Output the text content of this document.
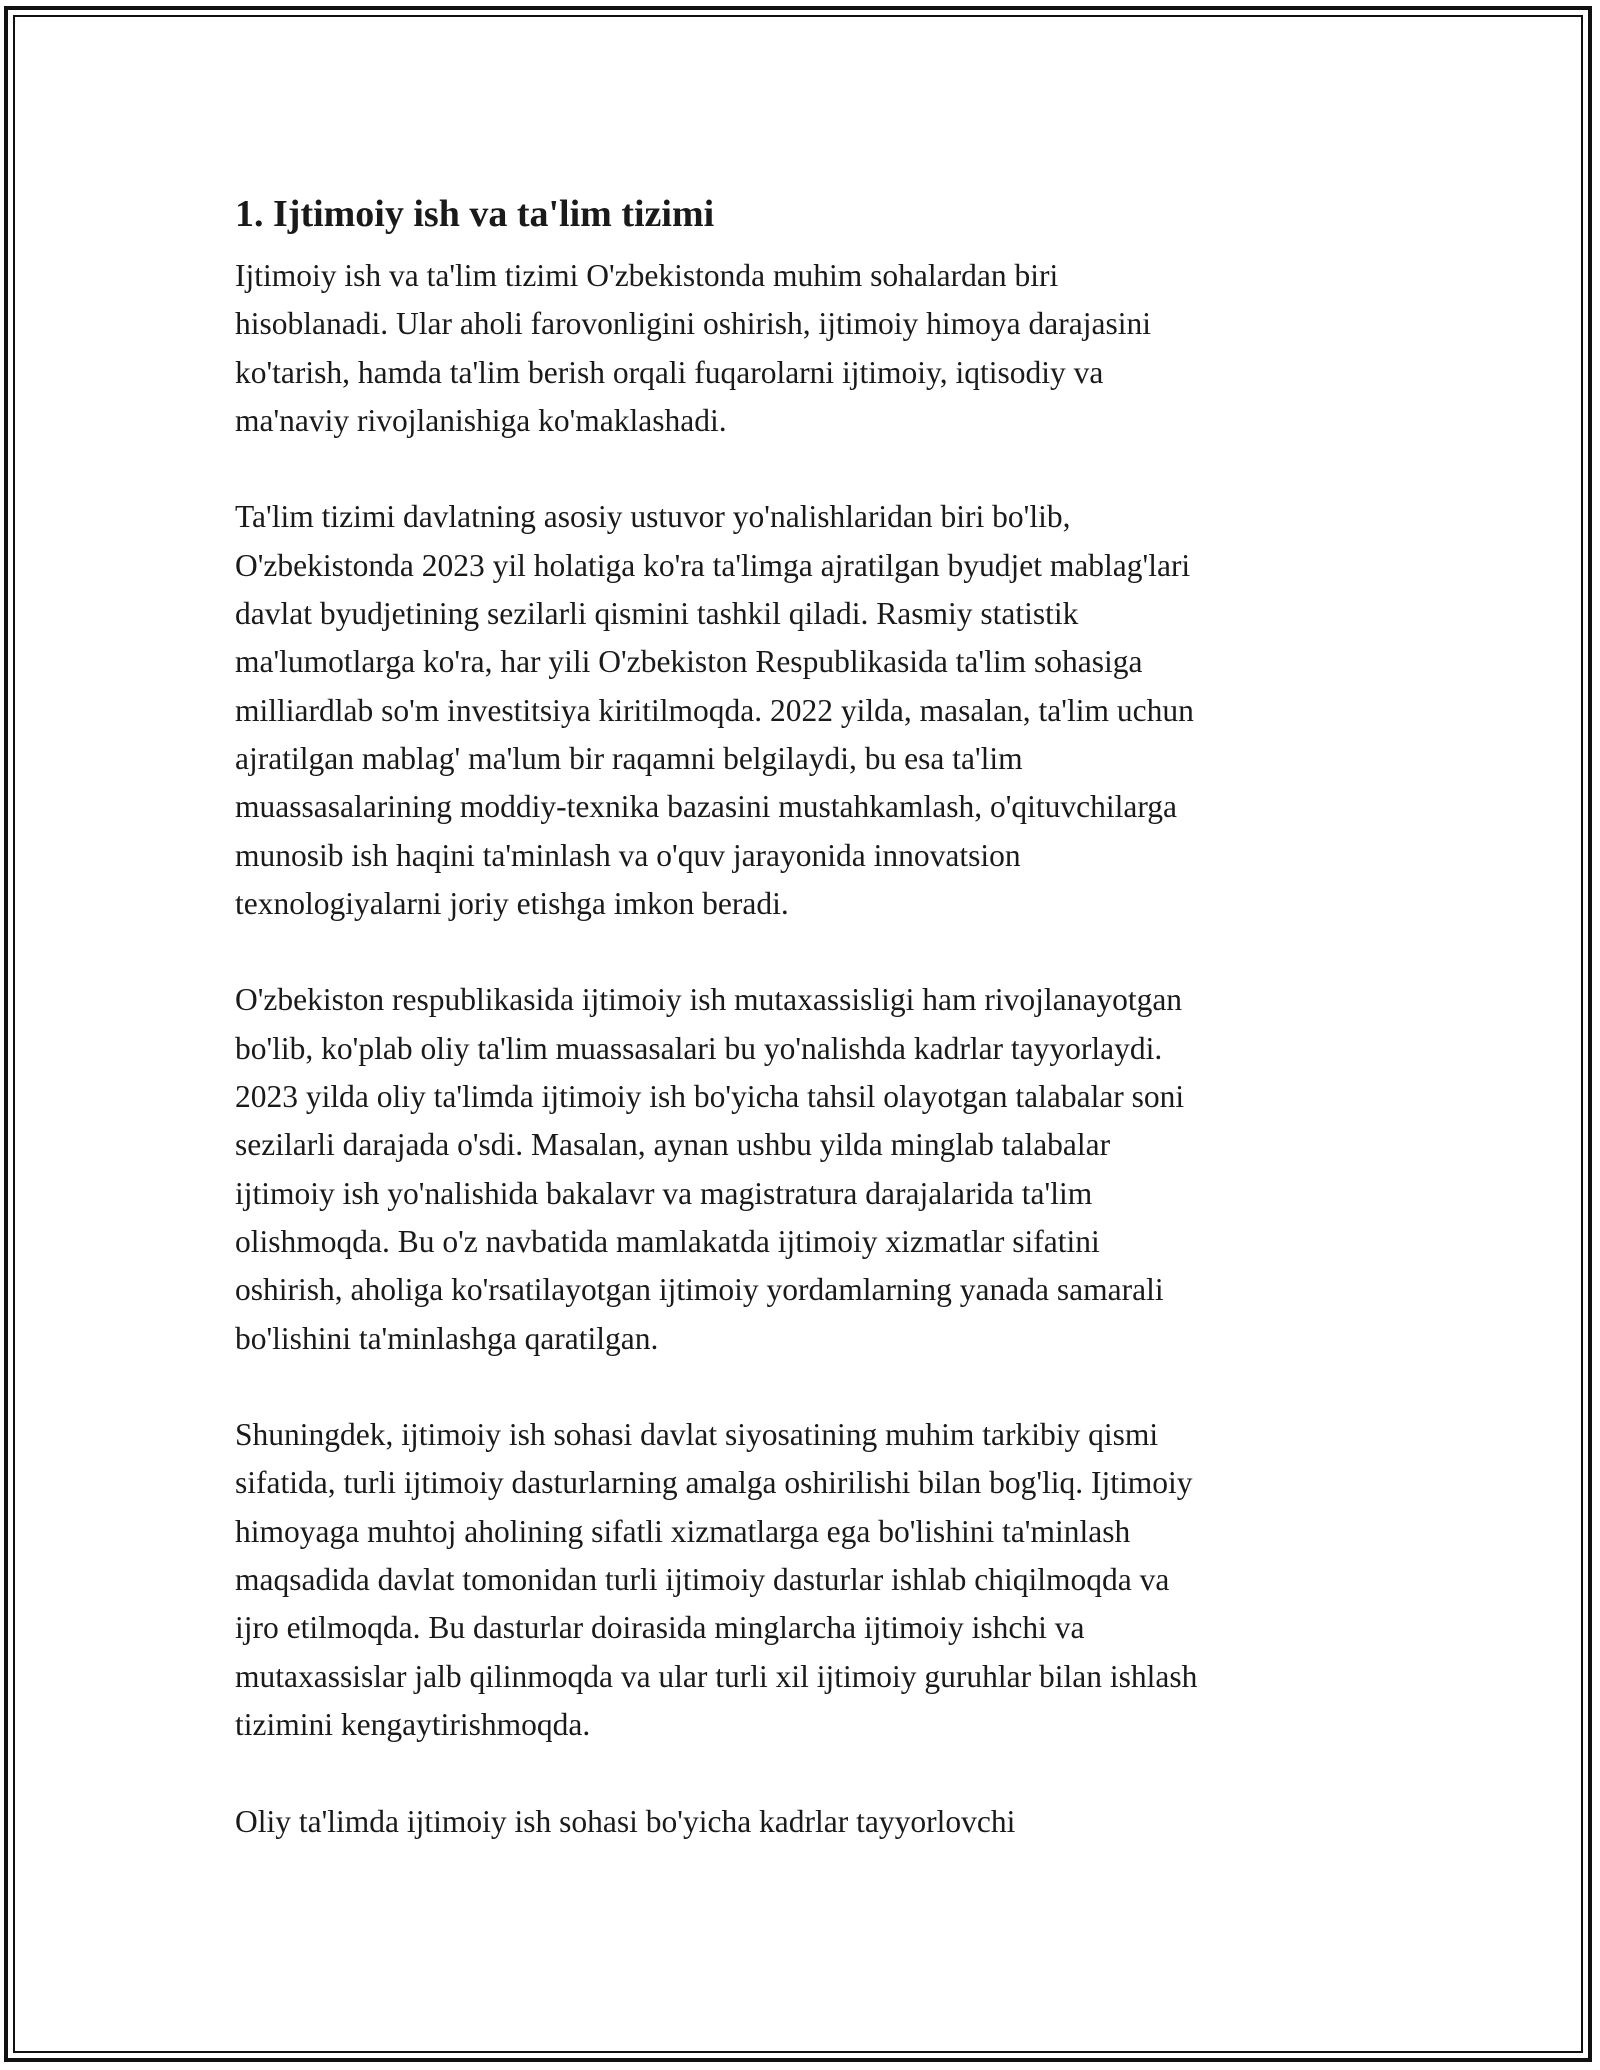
1. Ijtimoiy ish va ta'lim tizimi

Ijtimoiy ish va ta'lim tizimi O'zbekistonda muhim sohalardan biri
hisoblanadi. Ular aholi farovonligini oshirish, ijtimoiy himoya darajasini
ko'tarish, hamda ta'lim berish orqali fuqarolarni ijtimoiy, iqtisodiy va
ma'naviy rivojlanishiga ko'maklashadi.

Ta'lim tizimi davlatning asosiy ustuvor yo'nalishlaridan biri bo'lib,
O'zbekistonda 2023 yil holatiga ko'ra ta'limga ajratilgan byudjet mablag'lari
davlat byudjetining sezilarli qismini tashkil qiladi. Rasmiy statistik
ma'lumotlarga ko'ra, har yili O'zbekiston Respublikasida ta'lim sohasiga
milliardlab so'm investitsiya kiritilmoqda. 2022 yilda, masalan, ta'lim uchun
ajratilgan mablag' ma'lum bir raqamni belgilaydi, bu esa ta'lim
muassasalarining moddiy-texnika bazasini mustahkamlash, o'qituvchilarga
munosib ish haqini ta'minlash va o'quv jarayonida innovatsion
texnologiyalarni joriy etishga imkon beradi.

O'zbekiston respublikasida ijtimoiy ish mutaxassisligi ham rivojlanayotgan
bo'lib, ko'plab oliy ta'lim muassasalari bu yo'nalishda kadrlar tayyorlaydi.
2023 yilda oliy ta'limda ijtimoiy ish bo'yicha tahsil olayotgan talabalar soni
sezilarli darajada o'sdi. Masalan, aynan ushbu yilda minglab talabalar
ijtimoiy ish yo'nalishida bakalavr va magistratura darajalarida ta'lim
olishmoqda. Bu o'z navbatida mamlakatda ijtimoiy xizmatlar sifatini
oshirish, aholiga ko'rsatilayotgan ijtimoiy yordamlarning yanada samarali
bo'lishini ta'minlashga qaratilgan.

Shuningdek, ijtimoiy ish sohasi davlat siyosatining muhim tarkibiy qismi
sifatida, turli ijtimoiy dasturlarning amalga oshirilishi bilan bog'liq. Ijtimoiy
himoyaga muhtoj aholining sifatli xizmatlarga ega bo'lishini ta'minlash
maqsadida davlat tomonidan turli ijtimoiy dasturlar ishlab chiqilmoqda va
ijro etilmoqda. Bu dasturlar doirasida minglarcha ijtimoiy ishchi va
mutaxassislar jalb qilinmoqda va ular turli xil ijtimoiy guruhlar bilan ishlash
tizimini kengaytirishmoqda.

Oliy ta'limda ijtimoiy ish sohasi bo'yicha kadrlar tayyorlovchi
